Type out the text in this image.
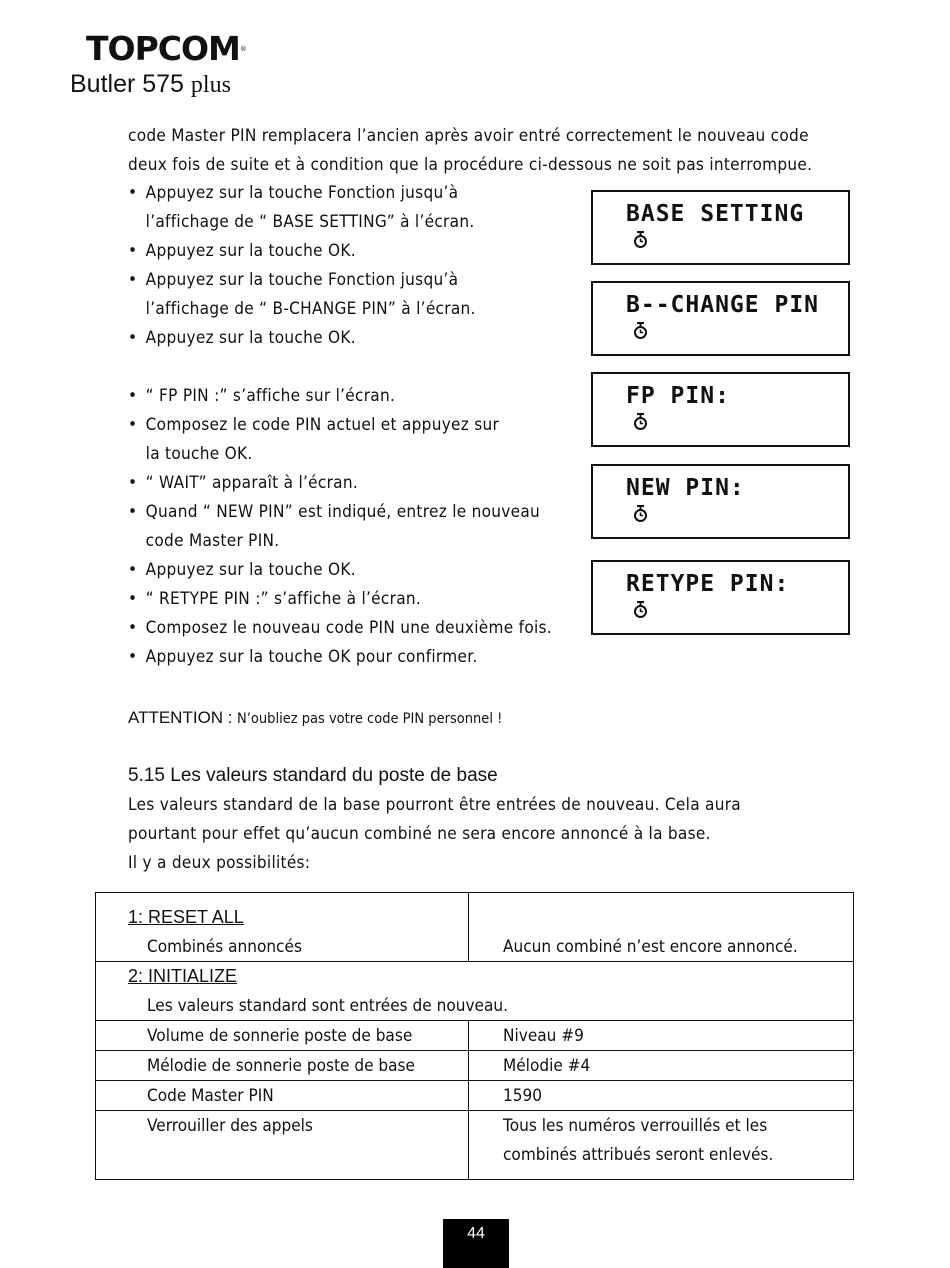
TOPCOM®
Butler 575 plus
code Master PIN remplacera l’ancien après avoir entré correctement le nouveau code
deux fois de suite et à condition que la procédure ci-dessous ne soit pas interrompue.
• Appuyez sur la touche Fonction jusqu’à
l’affichage de “ BASE SETTING” à l’écran.
• Appuyez sur la touche OK.
• Appuyez sur la touche Fonction jusqu’à
l’affichage de “ B-CHANGE PIN” à l’écran.
• Appuyez sur la touche OK.
• “ FP PIN :” s’affiche sur l’écran.
• Composez le code PIN actuel et appuyez sur
la touche OK.
• “ WAIT” apparaît à l’écran.
• Quand “ NEW PIN” est indiqué, entrez le nouveau
code Master PIN.
• Appuyez sur la touche OK.
• “ RETYPE PIN :” s’affiche à l’écran.
• Composez le nouveau code PIN une deuxième fois.
• Appuyez sur la touche OK pour confirmer.
BASE SETTING
B--CHANGE PIN
FP PIN:
NEW PIN:
RETYPE PIN:
ATTENTION : N’oubliez pas votre code PIN personnel !
5.15 Les valeurs standard du poste de base
Les valeurs standard de la base pourront être entrées de nouveau. Cela aura
pourtant pour effet qu’aucun combiné ne sera encore annoncé à la base.
Il y a deux possibilités:
1: RESET ALL
Combinés annoncés	Aucun combiné n’est encore annoncé.

2: INITIALIZE
Les valeurs standard sont entrées de nouveau.	

Volume de sonnerie poste de base	Niveau #9

Mélodie de sonnerie poste de base	Mélodie #4

Code Master PIN	1590

Verrouiller des appels	Tous les numéros verrouillés et les
combinés attribués seront enlevés.
44
